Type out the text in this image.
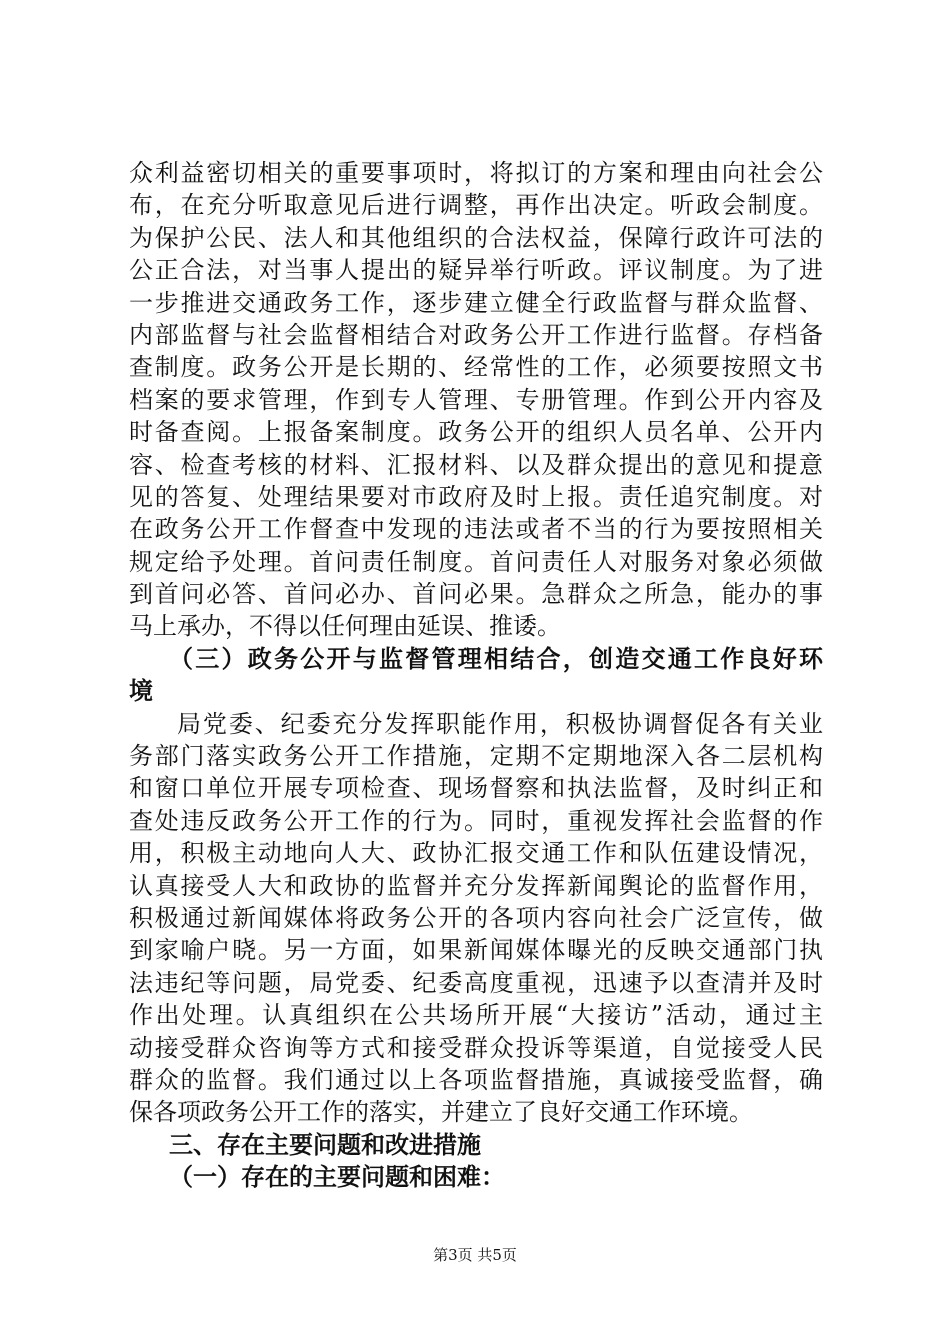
众利益密切相关的重要事项时，将拟订的方案和理由向社会公
布，在充分听取意见后进行调整，再作出决定。听政会制度。
为保护公民、法人和其他组织的合法权益，保障行政许可法的
公正合法，对当事人提出的疑异举行听政。评议制度。为了进
一步推进交通政务工作，逐步建立健全行政监督与群众监督、
内部监督与社会监督相结合对政务公开工作进行监督。存档备
查制度。政务公开是长期的、经常性的工作，必须要按照文书
档案的要求管理，作到专人管理、专册管理。作到公开内容及
时备查阅。上报备案制度。政务公开的组织人员名单、公开内
容、检查考核的材料、汇报材料、以及群众提出的意见和提意
见的答复、处理结果要对市政府及时上报。责任追究制度。对
在政务公开工作督查中发现的违法或者不当的行为要按照相关
规定给予处理。首问责任制度。首问责任人对服务对象必须做
到首问必答、首问必办、首问必果。急群众之所急，能办的事
马上承办，不得以任何理由延误、推诿。
（三）政务公开与监督管理相结合，创造交通工作良好环
境
局党委、纪委充分发挥职能作用，积极协调督促各有关业
务部门落实政务公开工作措施，定期不定期地深入各二层机构
和窗口单位开展专项检查、现场督察和执法监督，及时纠正和
查处违反政务公开工作的行为。同时，重视发挥社会监督的作
用，积极主动地向人大、政协汇报交通工作和队伍建设情况，
认真接受人大和政协的监督并充分发挥新闻舆论的监督作用，
积极通过新闻媒体将政务公开的各项内容向社会广泛宣传，做
到家喻户晓。另一方面，如果新闻媒体曝光的反映交通部门执
法违纪等问题，局党委、纪委高度重视，迅速予以查清并及时
作出处理。认真组织在公共场所开展“大接访”活动，通过主
动接受群众咨询等方式和接受群众投诉等渠道，自觉接受人民
群众的监督。我们通过以上各项监督措施，真诚接受监督，确
保各项政务公开工作的落实，并建立了良好交通工作环境。
三、存在主要问题和改进措施
（一）存在的主要问题和困难：
第3页 共5页
